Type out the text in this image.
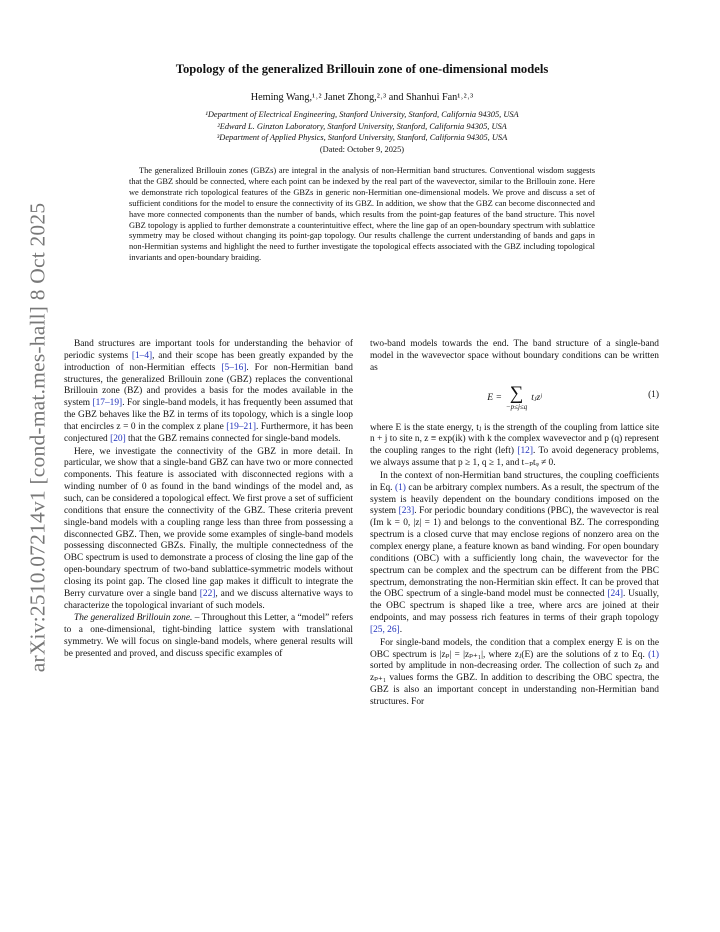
arXiv:2510.07214v1 [cond-mat.mes-hall] 8 Oct 2025
Topology of the generalized Brillouin zone of one-dimensional models
Heming Wang,¹˒² Janet Zhong,²˒³ and Shanhui Fan¹˒²˒³
¹Department of Electrical Engineering, Stanford University, Stanford, California 94305, USA
²Edward L. Ginzton Laboratory, Stanford University, Stanford, California 94305, USA
³Department of Applied Physics, Stanford University, Stanford, California 94305, USA
(Dated: October 9, 2025)
The generalized Brillouin zones (GBZs) are integral in the analysis of non-Hermitian band structures. Conventional wisdom suggests that the GBZ should be connected, where each point can be indexed by the real part of the wavevector, similar to the Brillouin zone. Here we demonstrate rich topological features of the GBZs in generic non-Hermitian one-dimensional models. We prove and discuss a set of sufficient conditions for the model to ensure the connectivity of its GBZ. In addition, we show that the GBZ can become disconnected and have more connected components than the number of bands, which results from the point-gap features of the band structure. This novel GBZ topology is applied to further demonstrate a counterintuitive effect, where the line gap of an open-boundary spectrum with sublattice symmetry may be closed without changing its point-gap topology. Our results challenge the current understanding of bands and gaps in non-Hermitian systems and highlight the need to further investigate the topological effects associated with the GBZ including topological invariants and open-boundary braiding.

Band structures are important tools for understanding the behavior of periodic systems [1–4], and their scope has been greatly expanded by the introduction of non-Hermitian effects [5–16]. For non-Hermitian band structures, the generalized Brillouin zone (GBZ) replaces the conventional Brillouin zone (BZ) and provides a basis for the modes available in the system [17–19]. For single-band models, it has frequently been assumed that the GBZ behaves like the BZ in terms of its topology, which is a single loop that encircles z = 0 in the complex z plane [19–21]. Furthermore, it has been conjectured [20] that the GBZ remains connected for single-band models.

Here, we investigate the connectivity of the GBZ in more detail. In particular, we show that a single-band GBZ can have two or more connected components. This feature is associated with disconnected regions with a winding number of 0 as found in the band windings of the model and, as such, can be considered a topological effect. We first prove a set of sufficient conditions that ensure the connectivity of the GBZ. These criteria prevent single-band models with a coupling range less than three from possessing a disconnected GBZ. Then, we provide some examples of single-band models possessing disconnected GBZs. Finally, the multiple connectedness of the OBC spectrum is used to demonstrate a process of closing the line gap of the open-boundary spectrum of two-band sublattice-symmetric models without closing its point gap. The closed line gap makes it difficult to integrate the Berry curvature over a single band [22], and we discuss alternative ways to characterize the topological invariant of such models.

The generalized Brillouin zone. – Throughout this Letter, a “model” refers to a one-dimensional, tight-binding lattice system with translational symmetry. We will focus on single-band models, where general results will be presented and proved, and discuss specific examples of

two-band models towards the end. The band structure of a single-band model in the wavevector space without boundary conditions can be written as

E = ∑
−p≤j≤q
tⱼzʲ	(1)

where E is the state energy, tⱼ is the strength of the coupling from lattice site n + j to site n, z ≡ exp(ik) with k the complex wavevector and p (q) represent the coupling ranges to the right (left) [12]. To avoid degeneracy problems, we always assume that p ≥ 1, q ≥ 1, and t₋ₚtᵩ ≠ 0.

In the context of non-Hermitian band structures, the coupling coefficients in Eq. (1) can be arbitrary complex numbers. As a result, the spectrum of the system is heavily dependent on the boundary conditions imposed on the system [23]. For periodic boundary conditions (PBC), the wavevector is real (Im k = 0, |z| = 1) and belongs to the conventional BZ. The corresponding spectrum is a closed curve that may enclose regions of nonzero area on the complex energy plane, a feature known as band winding. For open boundary conditions (OBC) with a sufficiently long chain, the wavevector for the spectrum can be complex and the spectrum can be different from the PBC spectrum, demonstrating the non-Hermitian skin effect. It can be proved that the OBC spectrum of a single-band model must be connected [24]. Usually, the OBC spectrum is shaped like a tree, where arcs are joined at their endpoints, and may possess rich features in terms of their graph topology [25, 26].

For single-band models, the condition that a complex energy E is on the OBC spectrum is |zₚ| = |zₚ₊₁|, where zⱼ(E) are the solutions of z to Eq. (1) sorted by amplitude in non-decreasing order. The collection of such zₚ and zₚ₊₁ values forms the GBZ. In addition to describing the OBC spectra, the GBZ is also an important concept in understanding non-Hermitian band structures. For
